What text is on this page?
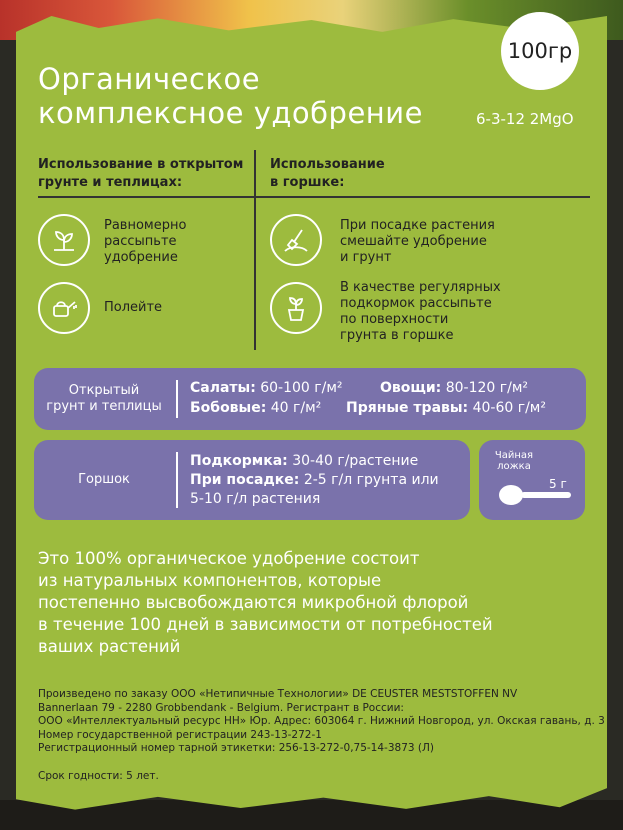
100гр
Органическое
комплексное удобрение	6-3-12 2MgO
Использование в открытом
грунте и теплицах:
Использование
в горшке:
Равномерно
рассыпьте
удобрение
Полейте
При посадке растения
смешайте удобрение
и грунт
В качестве регулярных
подкормок рассыпьте
по поверхности
грунта в горшке
Открытый
грунт и теплицы
Салаты: 60-100 г/м²	Овощи: 80-120 г/м²
Бобовые: 40 г/м² Пряные травы: 40-60 г/м²
Горшок
Подкормка: 30-40 г/растение
При посадке: 2-5 г/л грунта или
5-10 г/л растения
Чайная
ложка
5 г
Это 100% органическое удобрение состоит
из натуральных компонентов, которые
постепенно высвобождаются микробной флорой
в течение 100 дней в зависимости от потребностей
ваших растений
Произведено по заказу ООО «Нетипичные Технологии» DE CEUSTER MESTSTOFFEN NV
Bannerlaan 79 - 2280 Grobbendank - Belgium. Регистрант в России:
ООО «Интеллектуальный ресурс НН» Юр. Адрес: 603064 г. Нижний Новгород, ул. Окская гавань, д. 3
Номер государственной регистрации 243-13-272-1
Регистрационный номер тарной этикетки: 256-13-272-0,75-14-3873 (Л)
Срок годности: 5 лет.
